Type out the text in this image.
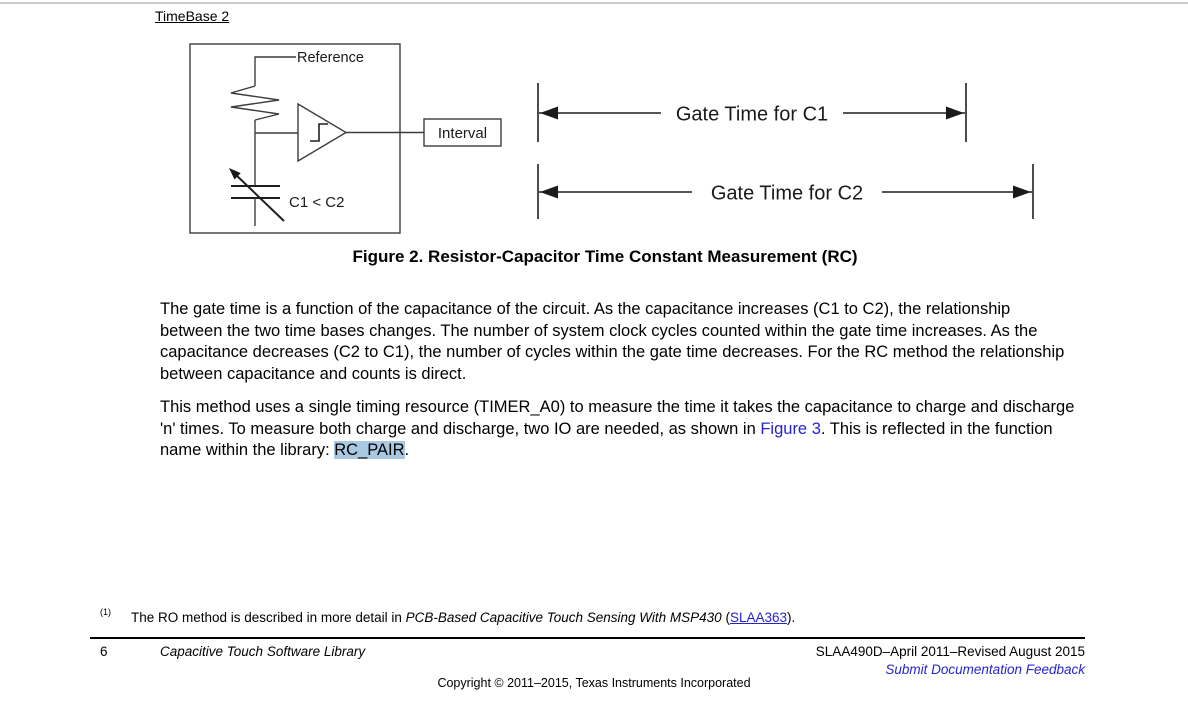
TimeBase 2
Reference
C1 < C2
Interval
Gate Time for C1
Gate Time for C2
Figure 2. Resistor-Capacitor Time Constant Measurement (RC)
The gate time is a function of the capacitance of the circuit. As the capacitance increases (C1 to C2), the relationship between the two time bases changes. The number of system clock cycles counted within the gate time increases. As the capacitance decreases (C2 to C1), the number of cycles within the gate time decreases. For the RC method the relationship between capacitance and counts is direct.
This method uses a single timing resource (TIMER_A0) to measure the time it takes the capacitance to charge and discharge 'n' times. To measure both charge and discharge, two IO are needed, as shown in Figure 3. This is reflected in the function name within the library: RC_PAIR.
(1) The RO method is described in more detail in PCB-Based Capacitive Touch Sensing With MSP430 (SLAA363).
6	Capacitive Touch Software Library	SLAA490D–April 2011–Revised August 2015
Submit Documentation Feedback
Copyright © 2011–2015, Texas Instruments Incorporated
